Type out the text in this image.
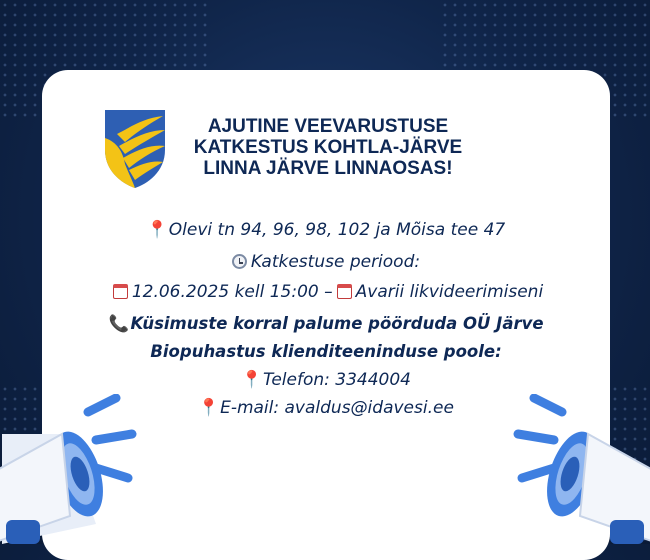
AJUTINE VEEVARUSTUSE KATKESTUS KOHTLA-JÄRVE LINNA JÄRVE LINNAOSAS!
📍Olevi tn 94, 96, 98, 102 ja Mõisa tee 47
Katkestuse periood:
12.06.2025 kell 15:00 – Avarii likvideerimiseni
📞Küsimuste korral palume pöörduda OÜ Järve
Biopuhastus klienditeeninduse poole:
📍Telefon: 3344004
📍E-mail: avaldus@idavesi.ee
